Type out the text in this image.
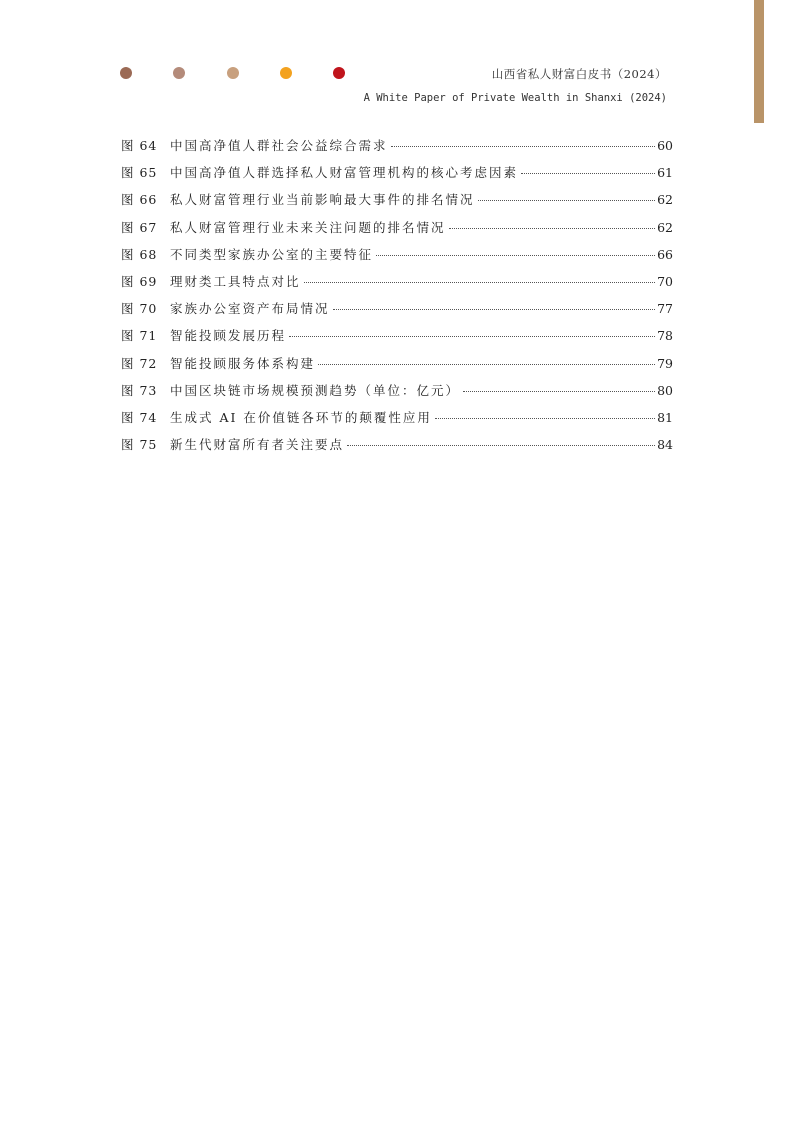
山西省私人财富白皮书（2024）
A White Paper of Private Wealth in Shanxi (2024)
图 64	中国高净值人群社会公益综合需求	60
图 65	中国高净值人群选择私人财富管理机构的核心考虑因素	61
图 66	私人财富管理行业当前影响最大事件的排名情况	62
图 67	私人财富管理行业未来关注问题的排名情况	62
图 68	不同类型家族办公室的主要特征	66
图 69	理财类工具特点对比	70
图 70	家族办公室资产布局情况	77
图 71	智能投顾发展历程	78
图 72	智能投顾服务体系构建	79
图 73	中国区块链市场规模预测趋势（单位：亿元）	80
图 74	生成式 AI 在价值链各环节的颠覆性应用	81
图 75	新生代财富所有者关注要点	84
